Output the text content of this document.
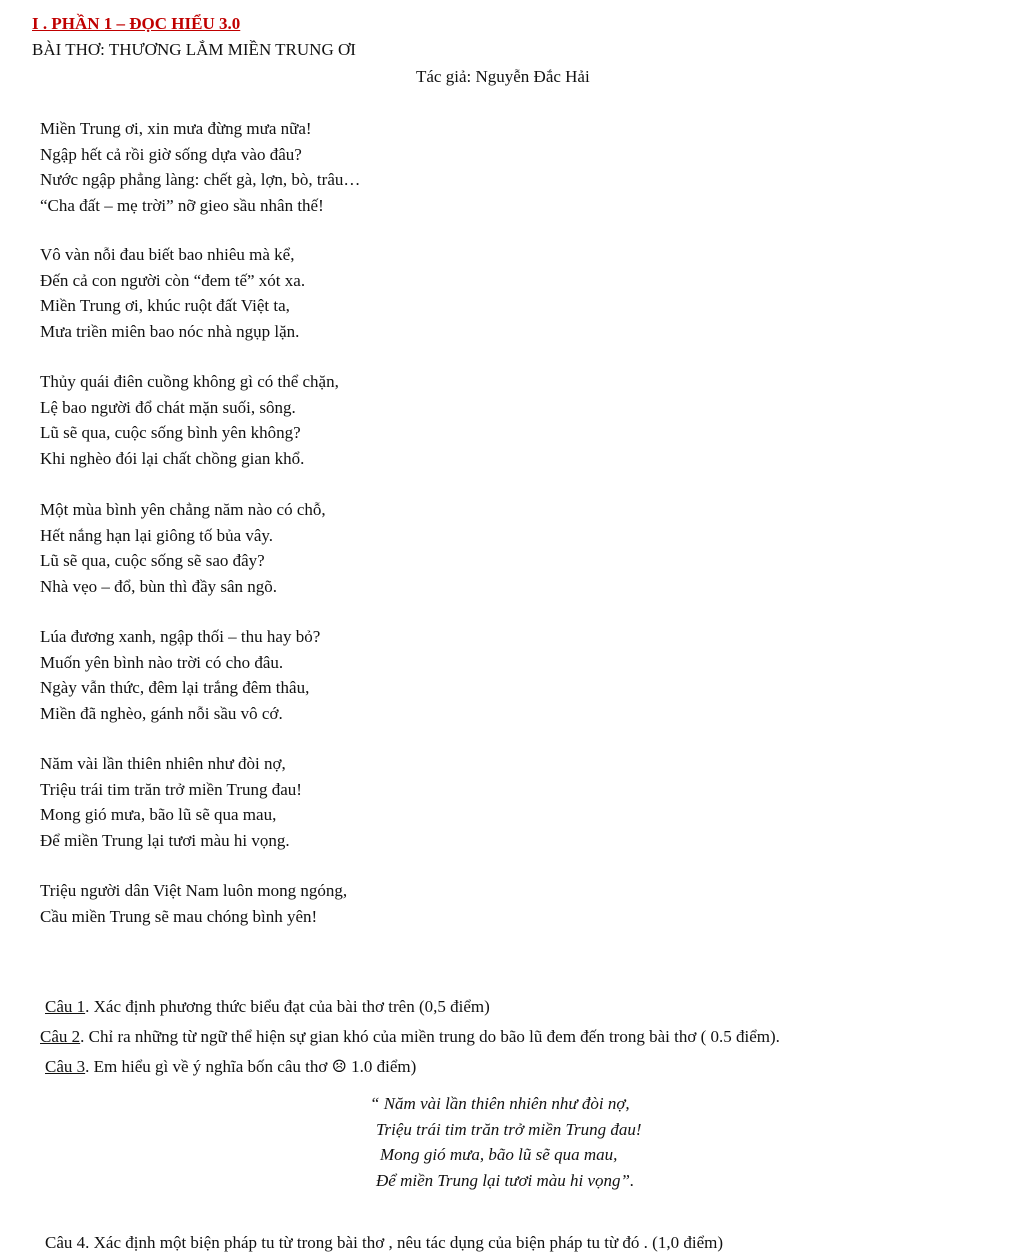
I . PHẦN 1 – ĐỌC HIỂU 3.0
BÀI THƠ: THƯƠNG LẮM MIỀN TRUNG ƠI
Tác giả: Nguyễn Đắc Hải
Miền Trung ơi, xin mưa đừng mưa nữa!
Ngập hết cả rồi giờ sống dựa vào đâu?
Nước ngập phẳng làng: chết gà, lợn, bò, trâu…
“Cha đất – mẹ trời” nỡ gieo sầu nhân thế!
Vô vàn nỗi đau biết bao nhiêu mà kể,
Đến cả con người còn “đem tế” xót xa.
Miền Trung ơi, khúc ruột đất Việt ta,
Mưa triền miên bao nóc nhà ngụp lặn.
Thủy quái điên cuồng không gì có thể chặn,
Lệ bao người đổ chát mặn suối, sông.
Lũ sẽ qua, cuộc sống bình yên không?
Khi nghèo đói lại chất chồng gian khổ.
Một mùa bình yên chẳng năm nào có chỗ,
Hết nắng hạn lại giông tố bủa vây.
Lũ sẽ qua, cuộc sống sẽ sao đây?
Nhà vẹo – đổ, bùn thì đầy sân ngõ.
Lúa đương xanh, ngập thối – thu hay bỏ?
Muốn yên bình nào trời có cho đâu.
Ngày vẫn thức, đêm lại trắng đêm thâu,
Miền đã nghèo, gánh nỗi sầu vô cớ.
Năm vài lần thiên nhiên như đòi nợ,
Triệu trái tim trăn trở miền Trung đau!
Mong gió mưa, bão lũ sẽ qua mau,
Để miền Trung lại tươi màu hi vọng.
Triệu người dân Việt Nam luôn mong ngóng,
Cầu miền Trung sẽ mau chóng bình yên!
Câu 1. Xác định phương thức biểu đạt của bài thơ trên (0,5 điểm)
Câu 2. Chỉ ra những từ ngữ thể hiện sự gian khó của miền trung do bão lũ đem đến trong bài thơ ( 0.5 điểm).
Câu 3. Em hiểu gì về ý nghĩa bốn câu thơ ☹ 1.0 điểm)
“ Năm vài lần thiên nhiên như đòi nợ,
Triệu trái tim trăn trở miền Trung đau!
Mong gió mưa, bão lũ sẽ qua mau,
Để miền Trung lại tươi màu hi vọng”.
Câu 4. Xác định một biện pháp tu từ trong bài thơ , nêu tác dụng của biện pháp tu từ đó . (1,0 điểm)
